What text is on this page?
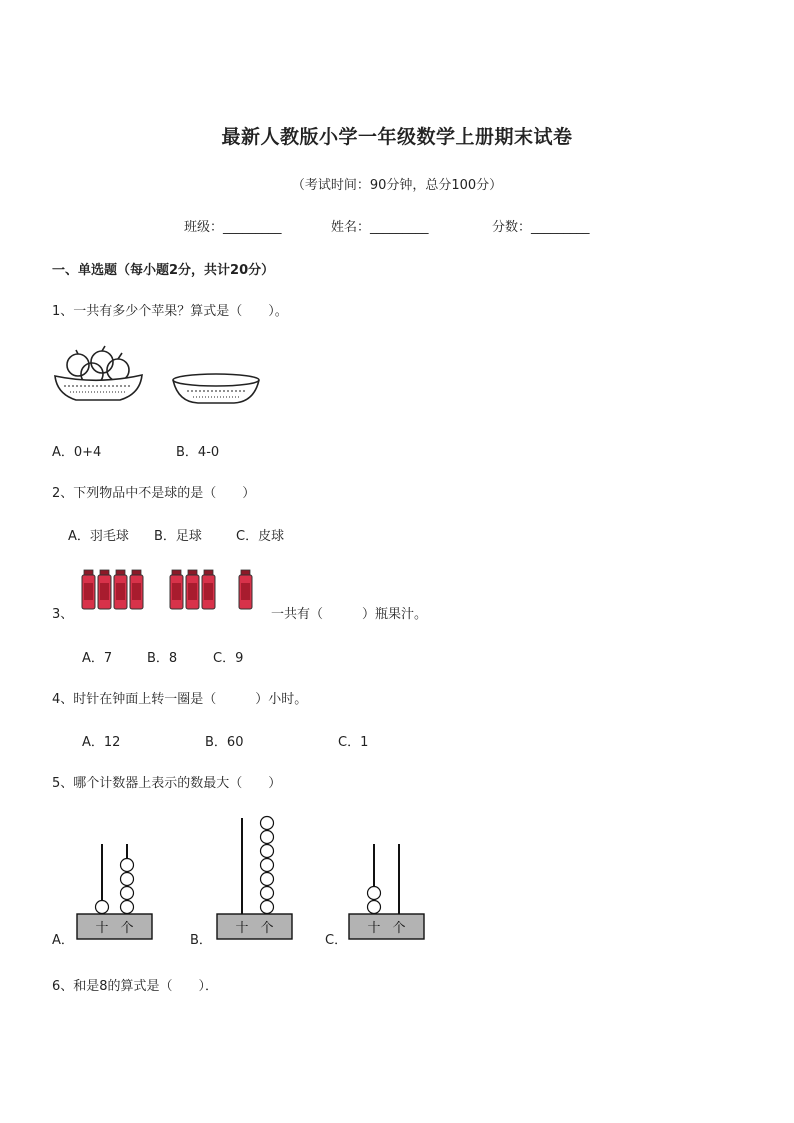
最新人教版小学一年级数学上册期末试卷
（考试时间：90分钟，总分100分）
班级：_________	姓名：_________	分数：_________
一、单选题（每小题2分，共计20分）
1、一共有多少个苹果？算式是（　　）。
A．0+4	B．4-0
2、下列物品中不是球的是（　　）
A．羽毛球 B．足球	C．皮球
3、	一共有（　　　）瓶果汁。
A．7	B．8	C．9
4、时针在钟面上转一圈是（　　　）小时。
A．12	B．60	C．1
5、哪个计数器上表示的数最大（　　）
A．	B．	C．
十 个	十 个	十 个
6、和是8的算式是（　　）．
